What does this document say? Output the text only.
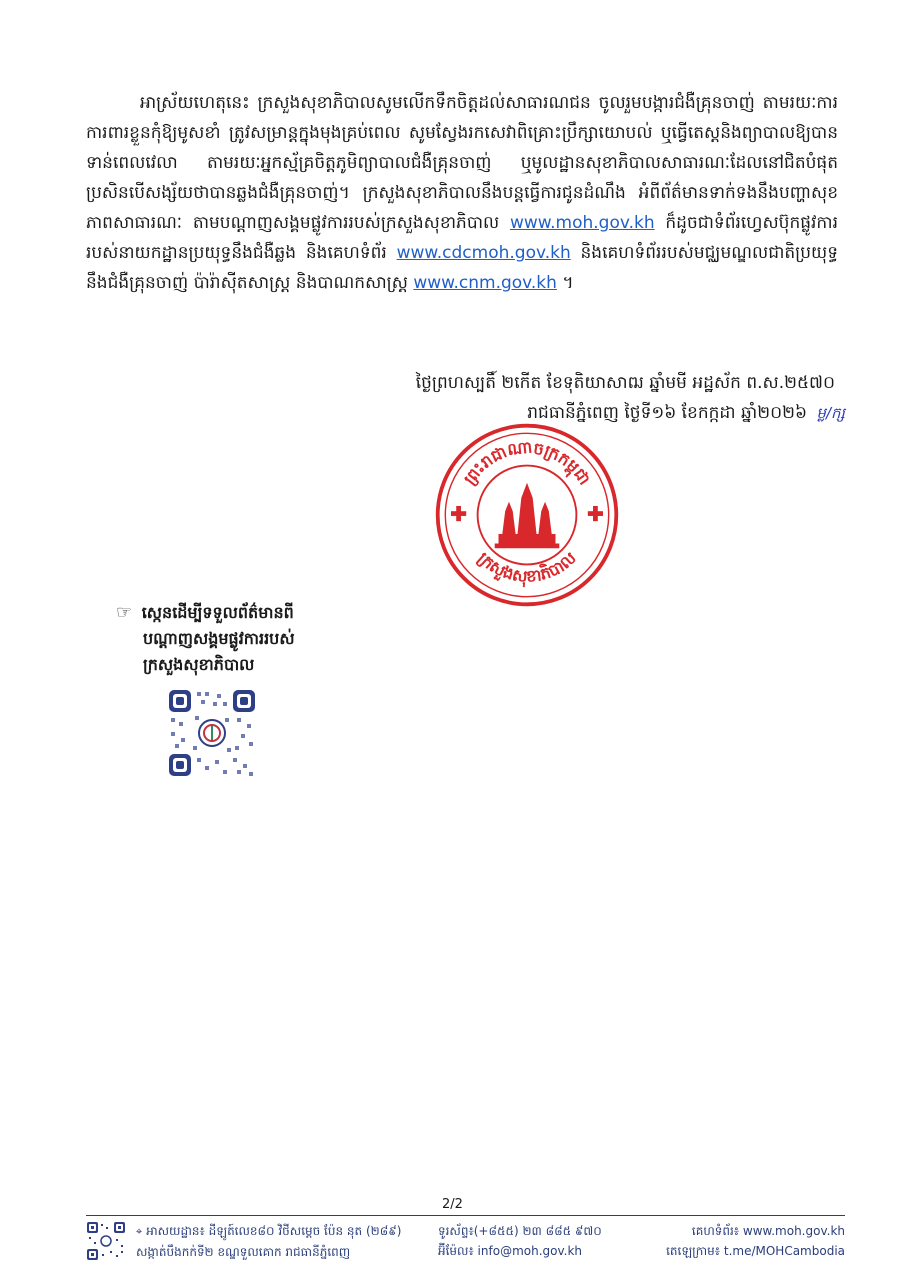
អាស្រ័យហេតុនេះ ក្រសួងសុខាភិបាលសូមលើកទឹកចិត្តដល់សាធារណជន ចូលរួមបង្ការជំងឺគ្រុនចាញ់ តាមរយៈការការពារខ្លួនកុំឱ្យមូសខាំ ត្រូវសម្រាន្តក្នុងមុងគ្រប់ពេល សូមស្វែងរកសេវាពិគ្រោះប្រឹក្សាយោបល់ ឬធ្វើតេស្តនិងព្យាបាលឱ្យបានទាន់ពេលវេលា តាមរយៈអ្នកស្ម័គ្រចិត្តភូមិព្យាបាលជំងឺគ្រុនចាញ់ ឬមូលដ្ឋានសុខាភិបាលសាធារណៈដែលនៅជិតបំផុត ប្រសិនបើសង្ស័យថាបានឆ្លងជំងឺគ្រុនចាញ់។ ក្រសួងសុខាភិបាលនឹងបន្តធ្វើការជូនដំណឹង អំពីព័ត៌មានទាក់ទងនឹងបញ្ហាសុខភាពសាធារណៈ តាមបណ្តាញសង្គមផ្លូវការរបស់ក្រសួងសុខាភិបាល www.moh.gov.kh ក៏ដូចជាទំព័រហ្វេសប៊ុកផ្លូវការរបស់នាយកដ្ឋានប្រយុទ្ធនឹងជំងឺឆ្លង និងគេហទំព័រ www.cdcmoh.gov.kh និងគេហទំព័ររបស់មជ្ឈមណ្ឌលជាតិប្រយុទ្ធនឹងជំងឺគ្រុនចាញ់ ប៉ារ៉ាស៊ីតសាស្ត្រ និងបាណកសាស្ត្រ www.cnm.gov.kh ។

ថ្ងៃព្រហស្បតិ៍ ២កើត ខែទុតិយាសាឍ ឆ្នាំមមី អដ្ឋស័ក ព.ស.២៥៧០
រាជធានីភ្នំពេញ ថ្ងៃទី១៦ ខែកក្កដា ឆ្នាំ២០២៦ ម្ល/ក្ស
ព្រះរាជាណាចក្រកម្ពុជា
ក្រសួងសុខាភិបាល
☞ ស្កេនដើម្បីទទួលព័ត៌មានពី
បណ្តាញសង្គមផ្លូវការរបស់
ក្រសួងសុខាភិបាល
2/2
⌖ អាសយដ្ឋាន៖ ដីឡូត៍លេខ៨០ វិថីសម្តេច ប៉ែន នុត (២៨៩)
សង្កាត់បឹងកក់ទី២ ខណ្ឌទួលគោក រាជធានីភ្នំពេញ
ទូរស័ព្ទ៖(+៨៥៥) ២៣ ៨៨៥ ៩៧០
អ៊ីម៉ែល៖ info@moh.gov.kh
គេហទំព័រ៖ www.moh.gov.kh
តេឡេក្រាម៖ t.me/MOHCambodia
